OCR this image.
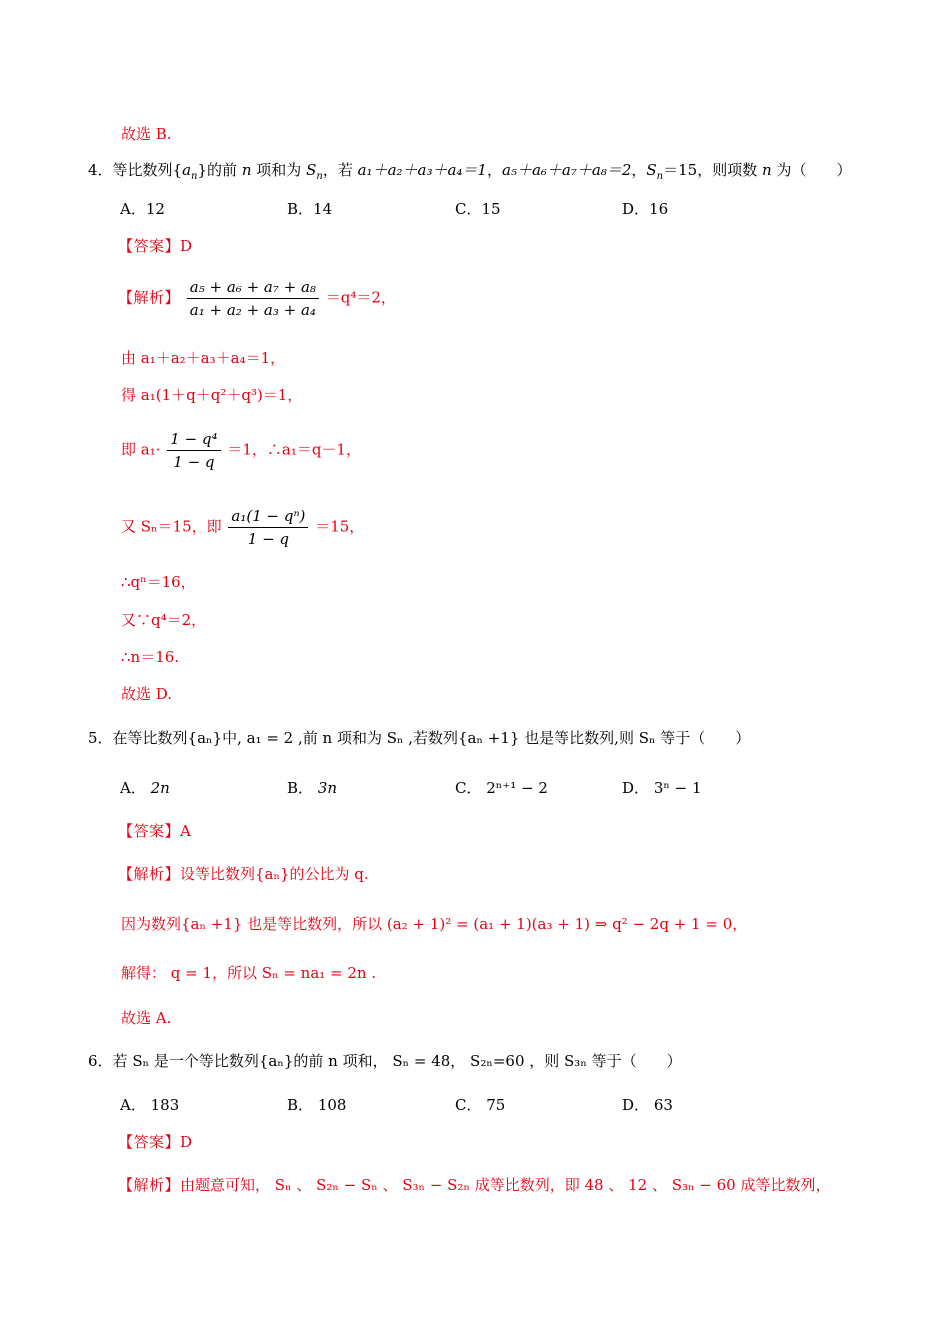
故选 B.
4．等比数列$\{a_n\}$的前 n 项和为 $S_n$，若 a₁＋a₂＋a₃＋a₄＝1，a₅＋a₆＋a₇＋a₈＝2，$S_n=15$，则项数 n 为（　　）
A．12	B．14	C．15	D．16
【答案】D
【解析】 $\frac{\text{a₅ + a₆ + a₇ + a₈}}{\text{a₁ + a₂ + a₃ + a₄}} =q^4=2$，
由 a₁＋a₂＋a₃＋a₄＝1，
得 a₁(1＋q＋q²＋q³)＝1，
即 $a_1\cdot \frac{\text{1 − q⁴}}{1 - q} =1$，∴a₁＝q－1，
又 Sₙ＝15，即 $\frac{\text{a₁(1 − qⁿ)}}{1 - q} =15$，
∴qⁿ＝16，
又∵q⁴＝2，
∴n＝16.
故选 D.
5．在等比数列{aₙ}中, a₁ = 2 ,前 n 项和为 Sₙ ,若数列{aₙ +1} 也是等比数列,则 Sₙ 等于（　　）
A． 2n	B． 3n	C． 2ⁿ⁺¹ − 2	D． 3ⁿ − 1
【答案】A
【解析】设等比数列{aₙ}的公比为 q.
因为数列{aₙ +1} 也是等比数列，所以 (a₂ + 1)² = (a₁ + 1)(a₃ + 1) ⇒ q² − 2q + 1 = 0，
解得： q = 1，所以 Sₙ = na₁ = 2n .
故选 A.
6．若 Sₙ 是一个等比数列{aₙ}的前 n 项和， Sₙ = 48， S₂ₙ=60 ，则 S₃ₙ 等于（　　）
A． 183	B． 108	C． 75	D． 63
【答案】D
【解析】由题意可知， Sₙ 、 S₂ₙ − Sₙ 、 S₃ₙ − S₂ₙ 成等比数列，即 48 、 12 、 S₃ₙ − 60 成等比数列，
